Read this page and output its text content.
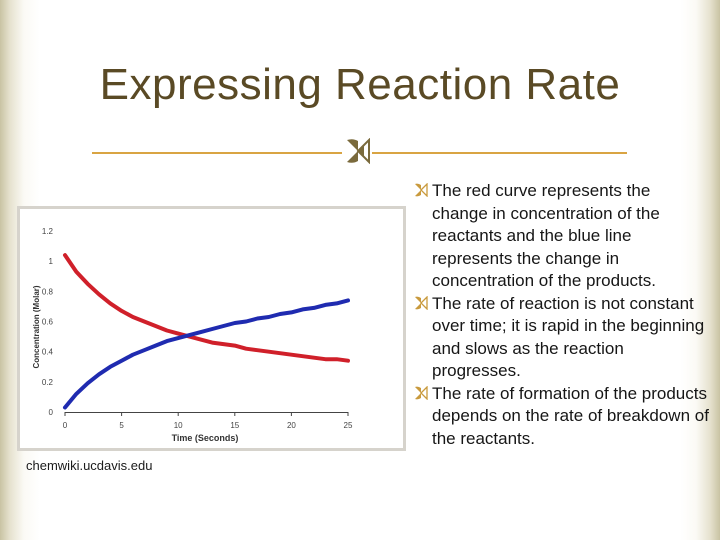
Expressing Reaction Rate
0	5	10	15	20	25
0
0.2
0.4
0.6
0.8
1
1.2
Time (Seconds)
Concentration (Molar)
chemwiki.ucdavis.edu
The red curve represents the change in concentration of the reactants and the blue line represents the change in concentration of the products.
The rate of reaction is not constant over time; it is rapid in the beginning and slows as the reaction progresses.
The rate of formation of the products depends on the rate of breakdown of the reactants.
